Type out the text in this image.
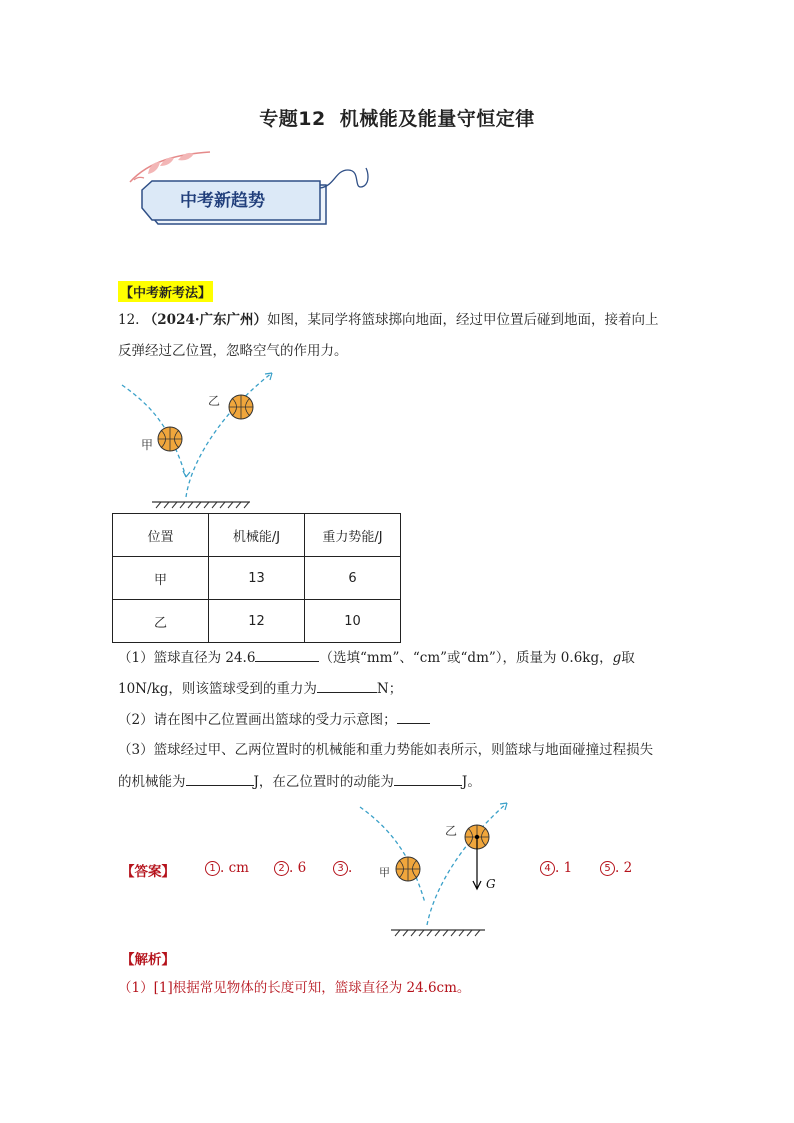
专题12 机械能及能量守恒定律
中考新趋势
【中考新考法】
12. （2024·广东广州）如图，某同学将篮球掷向地面，经过甲位置后碰到地面，接着向上
反弹经过乙位置，忽略空气的作用力。
甲
乙
位置	机械能/J	重力势能/J
甲	13	6
乙	12	10
（1）篮球直径为 24.6	（选填“mm”、“cm”或“dm”），质量为 0.6kg，g取
10N/kg，则该篮球受到的重力为	N；
（2）请在图中乙位置画出篮球的受力示意图；
（3）篮球经过甲、乙两位置时的机械能和重力势能如表所示，则篮球与地面碰撞过程损失
的机械能为	J，在乙位置时的动能为	J。
【答案】	1 . cm	2 . 6	3 .	4 . 1	5 . 2
G
甲
乙
【解析】
（1）[1]根据常见物体的长度可知，篮球直径为 24.6cm。
